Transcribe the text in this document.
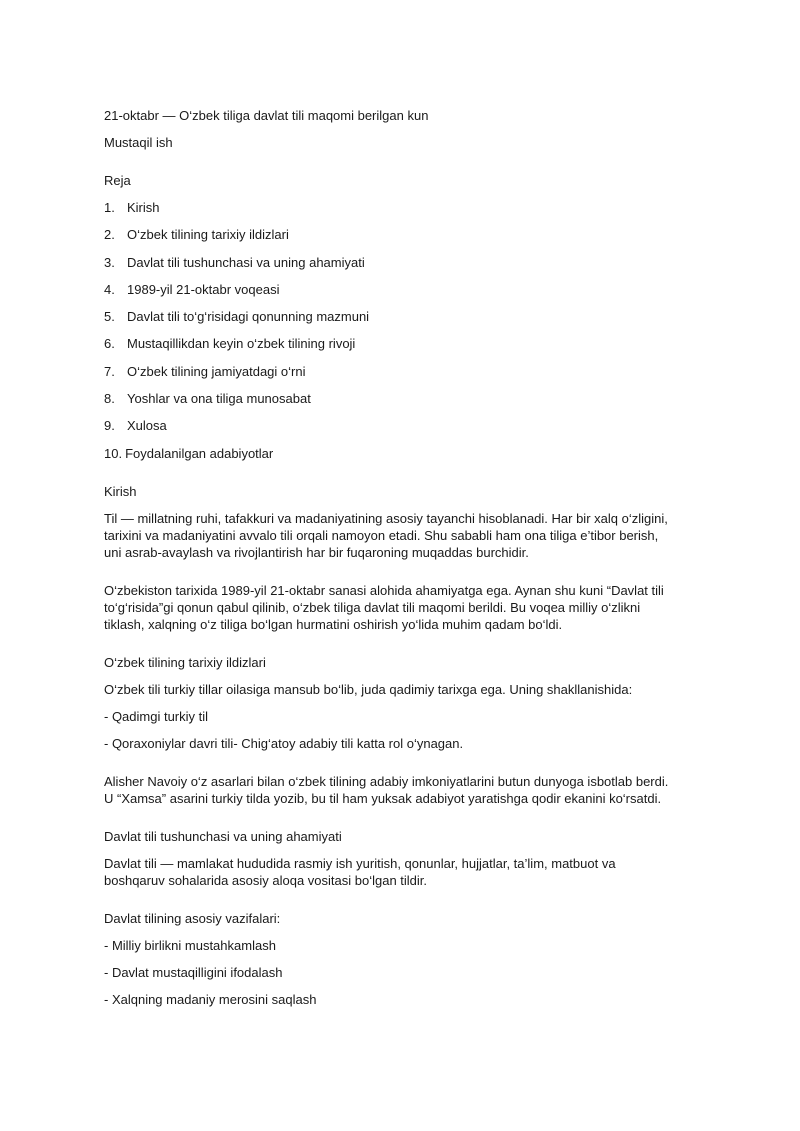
21-oktabr — O‘zbek tiliga davlat tili maqomi berilgan kun

Mustaqil ish

Reja

1. Kirish
2. O‘zbek tilining tarixiy ildizlari
3. Davlat tili tushunchasi va uning ahamiyati
4. 1989-yil 21-oktabr voqeasi
5. Davlat tili to‘g‘risidagi qonunning mazmuni
6. Mustaqillikdan keyin o‘zbek tilining rivoji
7. O‘zbek tilining jamiyatdagi o‘rni
8. Yoshlar va ona tiliga munosabat
9. Xulosa
10. Foydalanilgan adabiyotlar

Kirish

Til — millatning ruhi, tafakkuri va madaniyatining asosiy tayanchi hisoblanadi. Har bir xalq o‘zligini,

tarixini va madaniyatini avvalo tili orqali namoyon etadi. Shu sababli ham ona tiliga e’tibor berish,

uni asrab-avaylash va rivojlantirish har bir fuqaroning muqaddas burchidir.

O‘zbekiston tarixida 1989-yil 21-oktabr sanasi alohida ahamiyatga ega. Aynan shu kuni “Davlat tili

to‘g‘risida”gi qonun qabul qilinib, o‘zbek tiliga davlat tili maqomi berildi. Bu voqea milliy o‘zlikni

tiklash, xalqning o‘z tiliga bo‘lgan hurmatini oshirish yo‘lida muhim qadam bo‘ldi.

O‘zbek tilining tarixiy ildizlari

O‘zbek tili turkiy tillar oilasiga mansub bo‘lib, juda qadimiy tarixga ega. Uning shakllanishida:

- Qadimgi turkiy til

- Qoraxoniylar davri tili- Chig‘atoy adabiy tili katta rol o‘ynagan.

Alisher Navoiy o‘z asarlari bilan o‘zbek tilining adabiy imkoniyatlarini butun dunyoga isbotlab berdi.

U “Xamsa” asarini turkiy tilda yozib, bu til ham yuksak adabiyot yaratishga qodir ekanini ko‘rsatdi.

Davlat tili tushunchasi va uning ahamiyati

Davlat tili — mamlakat hududida rasmiy ish yuritish, qonunlar, hujjatlar, ta’lim, matbuot va

boshqaruv sohalarida asosiy aloqa vositasi bo‘lgan tildir.

Davlat tilining asosiy vazifalari:

- Milliy birlikni mustahkamlash

- Davlat mustaqilligini ifodalash

- Xalqning madaniy merosini saqlash
